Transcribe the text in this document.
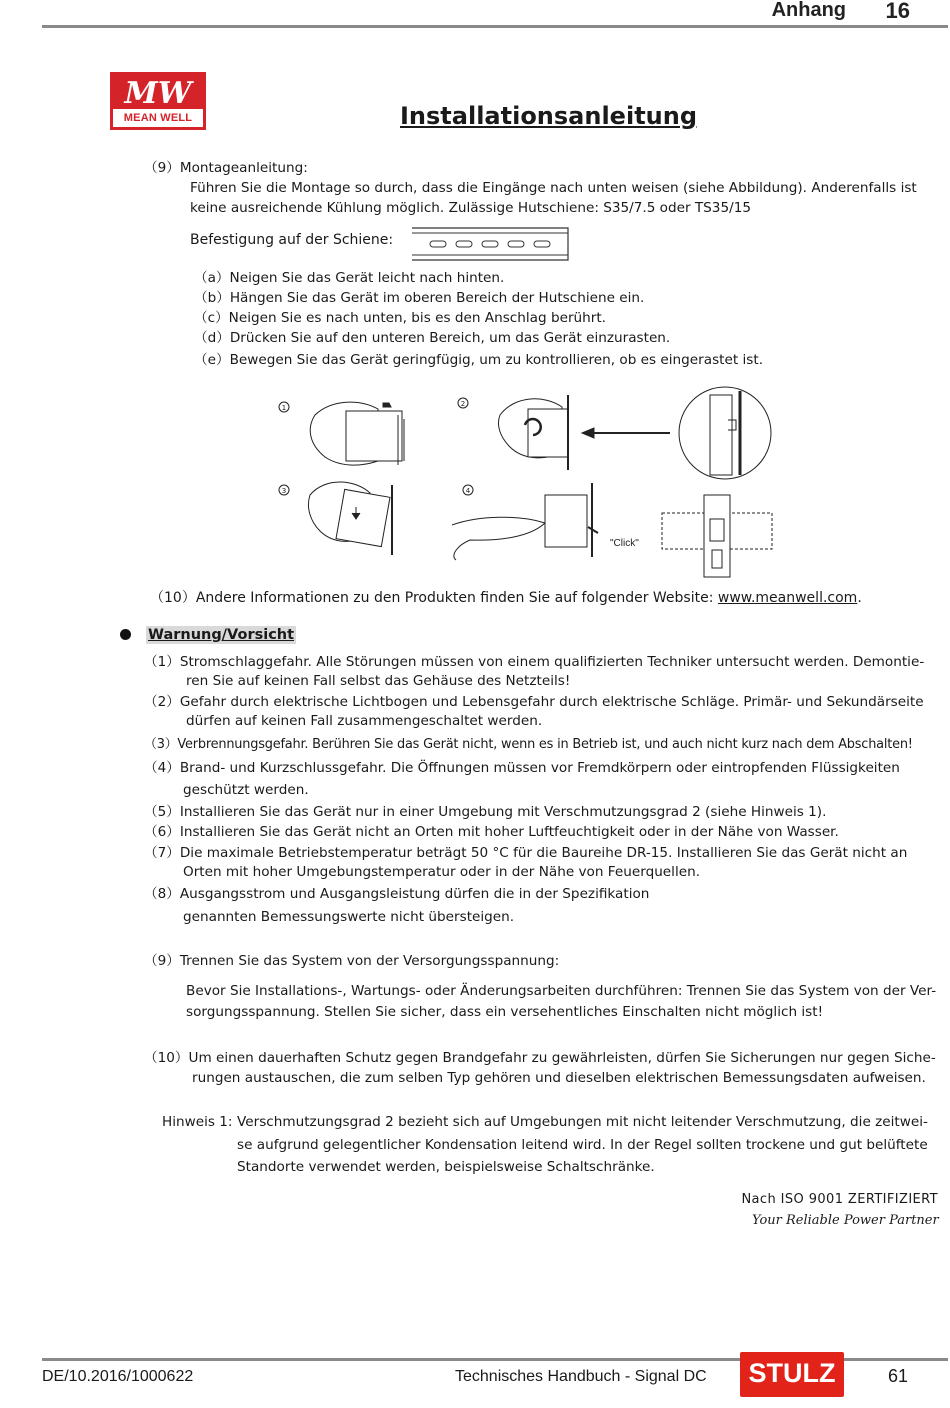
Anhang 16
MW
MEAN WELL	Installationsanleitung
（9）Montageanleitung:
Führen Sie die Montage so durch, dass die Eingänge nach unten weisen (siehe Abbildung). Anderenfalls ist
keine ausreichende Kühlung möglich. Zulässige Hutschiene: S35/7.5 oder TS35/15
Befestigung auf der Schiene:
（a）Neigen Sie das Gerät leicht nach hinten.
（b）Hängen Sie das Gerät im oberen Bereich der Hutschiene ein.
（c）Neigen Sie es nach unten, bis es den Anschlag berührt.
（d）Drücken Sie auf den unteren Bereich, um das Gerät einzurasten.
（e）Bewegen Sie das Gerät geringfügig, um zu kontrollieren, ob es eingerastet ist.
1	2
3	4
"Click"
（10）Andere Informationen zu den Produkten finden Sie auf folgender Website: www.meanwell.com.
Warnung/Vorsicht
（1）Stromschlaggefahr. Alle Störungen müssen von einem qualifizierten Techniker untersucht werden. Demontie-
ren Sie auf keinen Fall selbst das Gehäuse des Netzteils!
（2）Gefahr durch elektrische Lichtbogen und Lebensgefahr durch elektrische Schläge. Primär- und Sekundärseite
dürfen auf keinen Fall zusammengeschaltet werden.
（3）Verbrennungsgefahr. Berühren Sie das Gerät nicht, wenn es in Betrieb ist, und auch nicht kurz nach dem Abschalten!
（4）Brand- und Kurzschlussgefahr. Die Öffnungen müssen vor Fremdkörpern oder eintropfenden Flüssigkeiten
geschützt werden.
（5）Installieren Sie das Gerät nur in einer Umgebung mit Verschmutzungsgrad 2 (siehe Hinweis 1).
（6）Installieren Sie das Gerät nicht an Orten mit hoher Luftfeuchtigkeit oder in der Nähe von Wasser.
（7）Die maximale Betriebstemperatur beträgt 50 °C für die Baureihe DR-15. Installieren Sie das Gerät nicht an
Orten mit hoher Umgebungstemperatur oder in der Nähe von Feuerquellen.
（8）Ausgangsstrom und Ausgangsleistung dürfen die in der Spezifikation
genannten Bemessungswerte nicht übersteigen.
（9）Trennen Sie das System von der Versorgungsspannung:
Bevor Sie Installations-, Wartungs- oder Änderungsarbeiten durchführen: Trennen Sie das System von der Ver-
sorgungsspannung. Stellen Sie sicher, dass ein versehentliches Einschalten nicht möglich ist!
（10）Um einen dauerhaften Schutz gegen Brandgefahr zu gewährleisten, dürfen Sie Sicherungen nur gegen Siche-
rungen austauschen, die zum selben Typ gehören und dieselben elektrischen Bemessungsdaten aufweisen.
Hinweis 1: Verschmutzungsgrad 2 bezieht sich auf Umgebungen mit nicht leitender Verschmutzung, die zeitwei-
se aufgrund gelegentlicher Kondensation leitend wird. In der Regel sollten trockene und gut belüftete
Standorte verwendet werden, beispielsweise Schaltschränke.
Nach ISO 9001 ZERTIFIZIERT
Your Reliable Power Partner
DE/10.2016/1000622	Technisches Handbuch - Signal DC	STULZ	61
